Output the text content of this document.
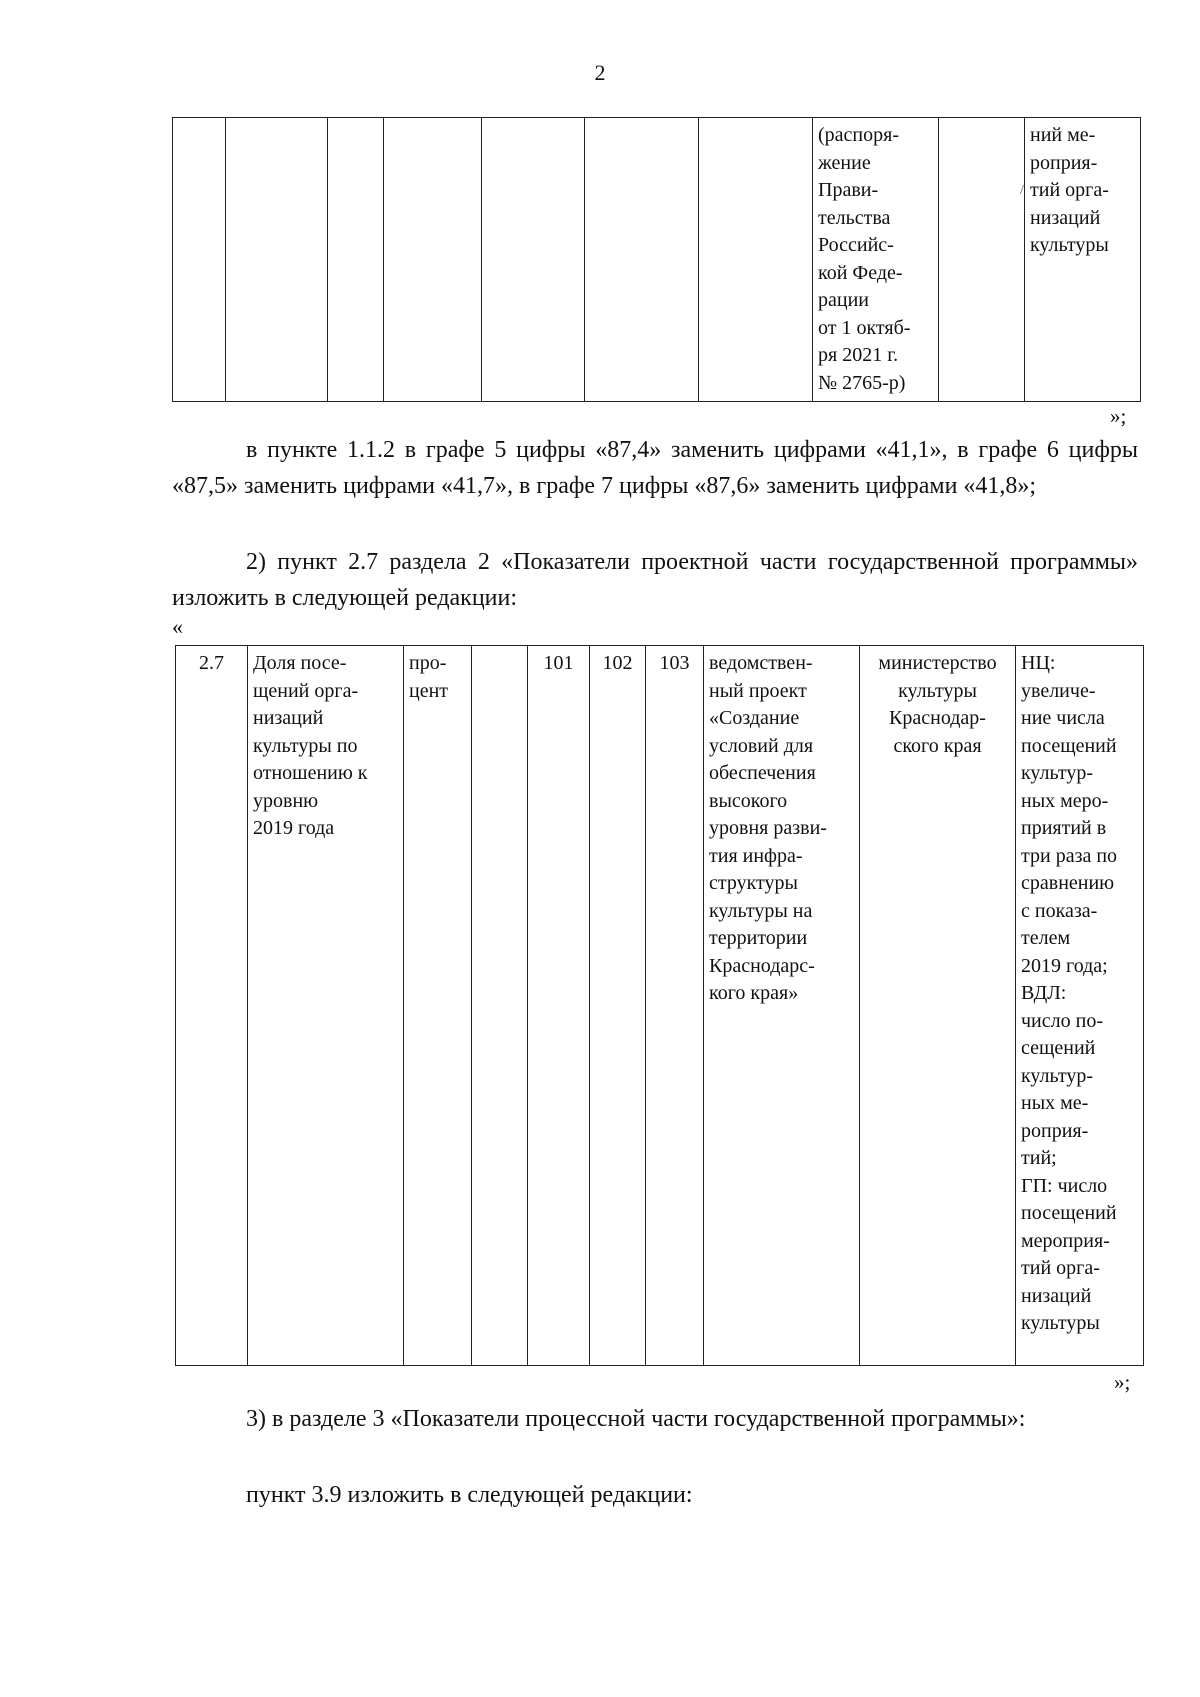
2
							(распоря-
жение
Прави-
тельства
Российс-
кой Феде-
рации
от 1 октяб-
ря 2021 г.
№ 2765-р)		ний ме-
роприя-
тий орга-
низаций
культуры
/
»;
в пункте 1.1.2 в графе 5 цифры «87,4» заменить цифрами «41,1», в графе 6 цифры «87,5» заменить цифрами «41,7», в графе 7 цифры «87,6» заменить цифрами «41,8»;
2) пункт 2.7 раздела 2 «Показатели проектной части государственной программы» изложить в следующей редакции:
«
2.7	Доля посе-
щений орга-
низаций
культуры по
отношению к
уровню
2019 года	про-
цент		101	102	103	ведомствен-
ный проект
«Создание
условий для
обеспечения
высокого
уровня разви-
тия инфра-
структуры
культуры на
территории
Краснодарс-
кого края»	министерство
культуры
Краснодар-
ского края	НЦ:
увеличе-
ние числа
посещений
культур-
ных меро-
приятий в
три раза по
сравнению
с показа-
телем
2019 года;
ВДЛ:
число по-
сещений
культур-
ных ме-
роприя-
тий;
ГП: число
посещений
мероприя-
тий орга-
низаций
культуры
»;
3) в разделе 3 «Показатели процессной части государственной программы»:
пункт 3.9 изложить в следующей редакции:
